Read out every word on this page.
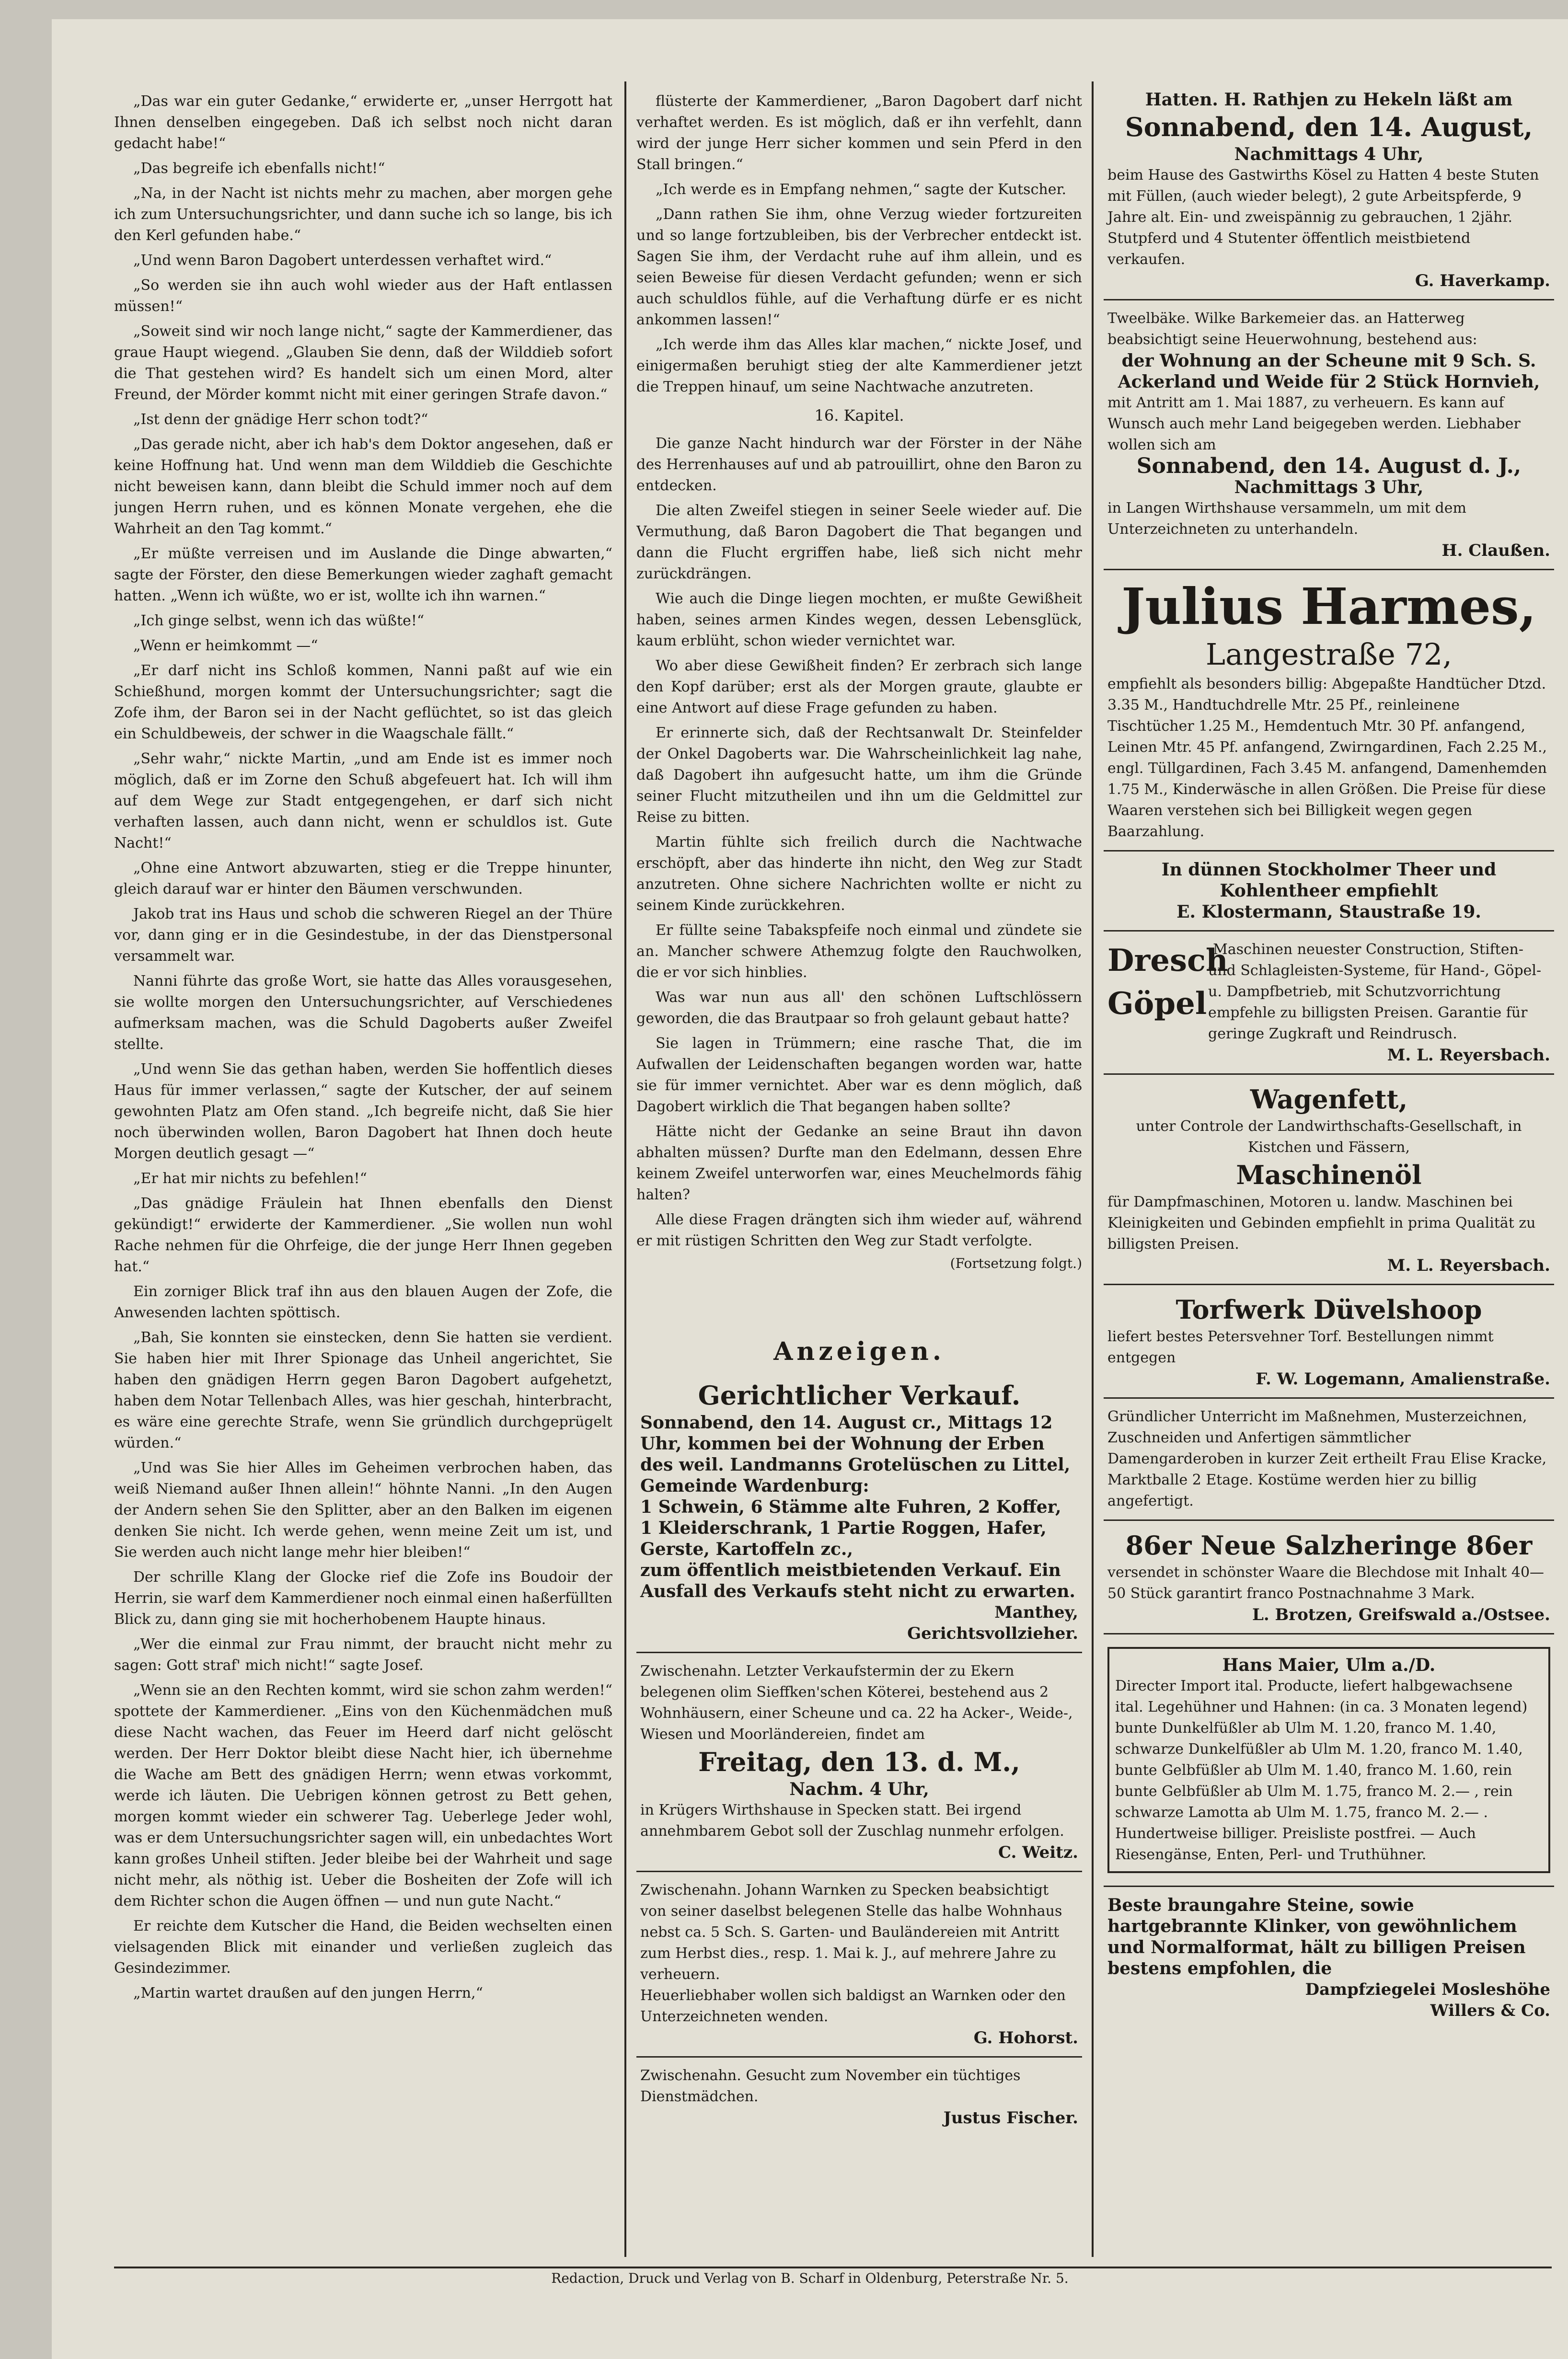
„Das war ein guter Gedanke,“ erwiderte er, „unser Herrgott hat Ihnen denselben eingegeben. Daß ich selbst noch nicht daran gedacht habe!“

„Das begreife ich ebenfalls nicht!“

„Na, in der Nacht ist nichts mehr zu machen, aber morgen gehe ich zum Untersuchungsrichter, und dann suche ich so lange, bis ich den Kerl gefunden habe.“

„Und wenn Baron Dagobert unterdessen verhaftet wird.“

„So werden sie ihn auch wohl wieder aus der Haft entlassen müssen!“

„Soweit sind wir noch lange nicht,“ sagte der Kammerdiener, das graue Haupt wiegend. „Glauben Sie denn, daß der Wilddieb sofort die That gestehen wird? Es handelt sich um einen Mord, alter Freund, der Mörder kommt nicht mit einer geringen Strafe davon.“

„Ist denn der gnädige Herr schon todt?“

„Das gerade nicht, aber ich hab's dem Doktor angesehen, daß er keine Hoffnung hat. Und wenn man dem Wilddieb die Geschichte nicht beweisen kann, dann bleibt die Schuld immer noch auf dem jungen Herrn ruhen, und es können Monate vergehen, ehe die Wahrheit an den Tag kommt.“

„Er müßte verreisen und im Auslande die Dinge abwarten,“ sagte der Förster, den diese Bemerkungen wieder zaghaft gemacht hatten. „Wenn ich wüßte, wo er ist, wollte ich ihn warnen.“

„Ich ginge selbst, wenn ich das wüßte!“

„Wenn er heimkommt —“

„Er darf nicht ins Schloß kommen, Nanni paßt auf wie ein Schießhund, morgen kommt der Untersuchungsrichter; sagt die Zofe ihm, der Baron sei in der Nacht geflüchtet, so ist das gleich ein Schuldbeweis, der schwer in die Waagschale fällt.“

„Sehr wahr,“ nickte Martin, „und am Ende ist es immer noch möglich, daß er im Zorne den Schuß abgefeuert hat. Ich will ihm auf dem Wege zur Stadt entgegengehen, er darf sich nicht verhaften lassen, auch dann nicht, wenn er schuldlos ist. Gute Nacht!“

„Ohne eine Antwort abzuwarten, stieg er die Treppe hinunter, gleich darauf war er hinter den Bäumen verschwunden.

Jakob trat ins Haus und schob die schweren Riegel an der Thüre vor, dann ging er in die Gesindestube, in der das Dienstpersonal versammelt war.

Nanni führte das große Wort, sie hatte das Alles vorausgesehen, sie wollte morgen den Untersuchungsrichter, auf Verschiedenes aufmerksam machen, was die Schuld Dagoberts außer Zweifel stellte.

„Und wenn Sie das gethan haben, werden Sie hoffentlich dieses Haus für immer verlassen,“ sagte der Kutscher, der auf seinem gewohnten Platz am Ofen stand. „Ich begreife nicht, daß Sie hier noch überwinden wollen, Baron Dagobert hat Ihnen doch heute Morgen deutlich gesagt —“

„Er hat mir nichts zu befehlen!“

„Das gnädige Fräulein hat Ihnen ebenfalls den Dienst gekündigt!“ erwiderte der Kammerdiener. „Sie wollen nun wohl Rache nehmen für die Ohrfeige, die der junge Herr Ihnen gegeben hat.“

Ein zorniger Blick traf ihn aus den blauen Augen der Zofe, die Anwesenden lachten spöttisch.

„Bah, Sie konnten sie einstecken, denn Sie hatten sie verdient. Sie haben hier mit Ihrer Spionage das Unheil angerichtet, Sie haben den gnädigen Herrn gegen Baron Dagobert aufgehetzt, haben dem Notar Tellenbach Alles, was hier geschah, hinterbracht, es wäre eine gerechte Strafe, wenn Sie gründlich durchgeprügelt würden.“

„Und was Sie hier Alles im Geheimen verbrochen haben, das weiß Niemand außer Ihnen allein!“ höhnte Nanni. „In den Augen der Andern sehen Sie den Splitter, aber an den Balken im eigenen denken Sie nicht. Ich werde gehen, wenn meine Zeit um ist, und Sie werden auch nicht lange mehr hier bleiben!“

Der schrille Klang der Glocke rief die Zofe ins Boudoir der Herrin, sie warf dem Kammerdiener noch einmal einen haßerfüllten Blick zu, dann ging sie mit hocherhobenem Haupte hinaus.

„Wer die einmal zur Frau nimmt, der braucht nicht mehr zu sagen: Gott straf' mich nicht!“ sagte Josef.

„Wenn sie an den Rechten kommt, wird sie schon zahm werden!“ spottete der Kammerdiener. „Eins von den Küchenmädchen muß diese Nacht wachen, das Feuer im Heerd darf nicht gelöscht werden. Der Herr Doktor bleibt diese Nacht hier, ich übernehme die Wache am Bett des gnädigen Herrn; wenn etwas vorkommt, werde ich läuten. Die Uebrigen können getrost zu Bett gehen, morgen kommt wieder ein schwerer Tag. Ueberlege Jeder wohl, was er dem Untersuchungsrichter sagen will, ein unbedachtes Wort kann großes Unheil stiften. Jeder bleibe bei der Wahrheit und sage nicht mehr, als nöthig ist. Ueber die Bosheiten der Zofe will ich dem Richter schon die Augen öffnen — und nun gute Nacht.“

Er reichte dem Kutscher die Hand, die Beiden wechselten einen vielsagenden Blick mit einander und verließen zugleich das Gesindezimmer.

„Martin wartet draußen auf den jungen Herrn,“

flüsterte der Kammerdiener, „Baron Dagobert darf nicht verhaftet werden. Es ist möglich, daß er ihn verfehlt, dann wird der junge Herr sicher kommen und sein Pferd in den Stall bringen.“

„Ich werde es in Empfang nehmen,“ sagte der Kutscher.

„Dann rathen Sie ihm, ohne Verzug wieder fortzureiten und so lange fortzubleiben, bis der Verbrecher entdeckt ist. Sagen Sie ihm, der Verdacht ruhe auf ihm allein, und es seien Beweise für diesen Verdacht gefunden; wenn er sich auch schuldlos fühle, auf die Verhaftung dürfe er es nicht ankommen lassen!“

„Ich werde ihm das Alles klar machen,“ nickte Josef, und einigermaßen beruhigt stieg der alte Kammerdiener jetzt die Treppen hinauf, um seine Nachtwache anzutreten.

16. Kapitel.

Die ganze Nacht hindurch war der Förster in der Nähe des Herrenhauses auf und ab patrouillirt, ohne den Baron zu entdecken.

Die alten Zweifel stiegen in seiner Seele wieder auf. Die Vermuthung, daß Baron Dagobert die That begangen und dann die Flucht ergriffen habe, ließ sich nicht mehr zurückdrängen.

Wie auch die Dinge liegen mochten, er mußte Gewißheit haben, seines armen Kindes wegen, dessen Lebensglück, kaum erblüht, schon wieder vernichtet war.

Wo aber diese Gewißheit finden? Er zerbrach sich lange den Kopf darüber; erst als der Morgen graute, glaubte er eine Antwort auf diese Frage gefunden zu haben.

Er erinnerte sich, daß der Rechtsanwalt Dr. Steinfelder der Onkel Dagoberts war. Die Wahrscheinlichkeit lag nahe, daß Dagobert ihn aufgesucht hatte, um ihm die Gründe seiner Flucht mitzutheilen und ihn um die Geldmittel zur Reise zu bitten.

Martin fühlte sich freilich durch die Nachtwache erschöpft, aber das hinderte ihn nicht, den Weg zur Stadt anzutreten. Ohne sichere Nachrichten wollte er nicht zu seinem Kinde zurückkehren.

Er füllte seine Tabakspfeife noch einmal und zündete sie an. Mancher schwere Athemzug folgte den Rauchwolken, die er vor sich hinblies.

Was war nun aus all' den schönen Luftschlössern geworden, die das Brautpaar so froh gelaunt gebaut hatte?

Sie lagen in Trümmern; eine rasche That, die im Aufwallen der Leidenschaften begangen worden war, hatte sie für immer vernichtet. Aber war es denn möglich, daß Dagobert wirklich die That begangen haben sollte?

Hätte nicht der Gedanke an seine Braut ihn davon abhalten müssen? Durfte man den Edelmann, dessen Ehre keinem Zweifel unterworfen war, eines Meuchelmords fähig halten?

Alle diese Fragen drängten sich ihm wieder auf, während er mit rüstigen Schritten den Weg zur Stadt verfolgte.

(Fortsetzung folgt.)
Anzeigen.

Gerichtlicher Verkauf.

Sonnabend, den 14. August cr., Mittags 12 Uhr, kommen bei der Wohnung der Erben des weil. Landmanns Grotelüschen zu Littel, Gemeinde Wardenburg:

1 Schwein, 6 Stämme alte Fuhren, 2 Koffer, 1 Kleiderschrank, 1 Partie Roggen, Hafer, Gerste, Kartoffeln zc.,

zum öffentlich meistbietenden Verkauf. Ein Ausfall des Verkaufs steht nicht zu erwarten.

Manthey,

Gerichtsvollzieher.

Zwischenahn. Letzter Verkaufstermin der zu Ekern belegenen olim Sieffken'schen Köterei, bestehend aus 2 Wohnhäusern, einer Scheune und ca. 22 ha Acker-, Weide-, Wiesen und Moorländereien, findet am

Freitag, den 13. d. M.,

Nachm. 4 Uhr,

in Krügers Wirthshause in Specken statt. Bei irgend annehmbarem Gebot soll der Zuschlag nunmehr erfolgen.

C. Weitz.

Zwischenahn. Johann Warnken zu Specken beabsichtigt von seiner daselbst belegenen Stelle das halbe Wohnhaus nebst ca. 5 Sch. S. Garten- und Bauländereien mit Antritt zum Herbst dies., resp. 1. Mai k. J., auf mehrere Jahre zu verheuern.

Heuerliebhaber wollen sich baldigst an Warnken oder den Unterzeichneten wenden.

G. Hohorst.

Zwischenahn. Gesucht zum November ein tüchtiges Dienstmädchen.

Justus Fischer.

Hatten. H. Rathjen zu Hekeln läßt am

Sonnabend, den 14. August,

Nachmittags 4 Uhr,

beim Hause des Gastwirths Kösel zu Hatten 4 beste Stuten mit Füllen, (auch wieder belegt), 2 gute Arbeitspferde, 9 Jahre alt. Ein- und zweispännig zu gebrauchen, 1 2jähr. Stutpferd und 4 Stutenter öffentlich meistbietend verkaufen.

G. Haverkamp.

Tweelbäke. Wilke Barkemeier das. an Hatterweg beabsichtigt seine Heuerwohnung, bestehend aus:

der Wohnung an der Scheune mit 9 Sch. S. Ackerland und Weide für 2 Stück Hornvieh,

mit Antritt am 1. Mai 1887, zu verheuern. Es kann auf Wunsch auch mehr Land beigegeben werden. Liebhaber wollen sich am

Sonnabend, den 14. August d. J.,

Nachmittags 3 Uhr,

in Langen Wirthshause versammeln, um mit dem Unterzeichneten zu unterhandeln.

H. Claußen.

Julius Harmes,

Langestraße 72,

empfiehlt als besonders billig: Abgepaßte Handtücher Dtzd. 3.35 M., Handtuchdrelle Mtr. 25 Pf., reinleinene Tischtücher 1.25 M., Hemdentuch Mtr. 30 Pf. anfangend, Leinen Mtr. 45 Pf. anfangend, Zwirngardinen, Fach 2.25 M., engl. Tüllgardinen, Fach 3.45 M. anfangend, Damenhemden 1.75 M., Kinderwäsche in allen Größen. Die Preise für diese Waaren verstehen sich bei Billigkeit wegen gegen Baarzahlung.

In dünnen Stockholmer Theer und Kohlentheer empfiehlt

E. Klostermann, Staustraße 19.

Dresch

Göpel

-Maschinen neuester Construction, Stiften- und Schlagleisten-Systeme, für Hand-, Göpel- u. Dampfbetrieb, mit Schutzvorrichtung empfehle zu billigsten Preisen. Garantie für geringe Zugkraft und Reindrusch.

M. L. Reyersbach.

Wagenfett,

unter Controle der Landwirthschafts-Gesellschaft, in Kistchen und Fässern,

Maschinenöl

für Dampfmaschinen, Motoren u. landw. Maschinen bei Kleinigkeiten und Gebinden empfiehlt in prima Qualität zu billigsten Preisen.

M. L. Reyersbach.

Torfwerk Düvelshoop

liefert bestes Petersvehner Torf. Bestellungen nimmt entgegen

F. W. Logemann, Amalienstraße.

Gründlicher Unterricht im Maßnehmen, Musterzeichnen, Zuschneiden und Anfertigen sämmtlicher Damengarderoben in kurzer Zeit ertheilt Frau Elise Kracke, Marktballe 2 Etage. Kostüme werden hier zu billig angefertigt.

86er Neue Salzheringe 86er

versendet in schönster Waare die Blechdose mit Inhalt 40—50 Stück garantirt franco Postnachnahme 3 Mark.

L. Brotzen, Greifswald a./Ostsee.

Hans Maier, Ulm a./D.

Directer Import ital. Producte, liefert halbgewachsene ital. Legehühner und Hahnen: (in ca. 3 Monaten legend) bunte Dunkelfüßler ab Ulm M. 1.20, franco M. 1.40, schwarze Dunkelfüßler ab Ulm M. 1.20, franco M. 1.40, bunte Gelbfüßler ab Ulm M. 1.40, franco M. 1.60, rein bunte Gelbfüßler ab Ulm M. 1.75, franco M. 2.— , rein schwarze Lamotta ab Ulm M. 1.75, franco M. 2.— . Hundertweise billiger. Preisliste postfrei. — Auch Riesengänse, Enten, Perl- und Truthühner.

Beste braungahre Steine, sowie hartgebrannte Klinker, von gewöhnlichem und Normalformat, hält zu billigen Preisen bestens empfohlen, die

Dampfziegelei Mosleshöhe

Willers & Co.

Redaction, Druck und Verlag von B. Scharf in Oldenburg, Peterstraße Nr. 5.
